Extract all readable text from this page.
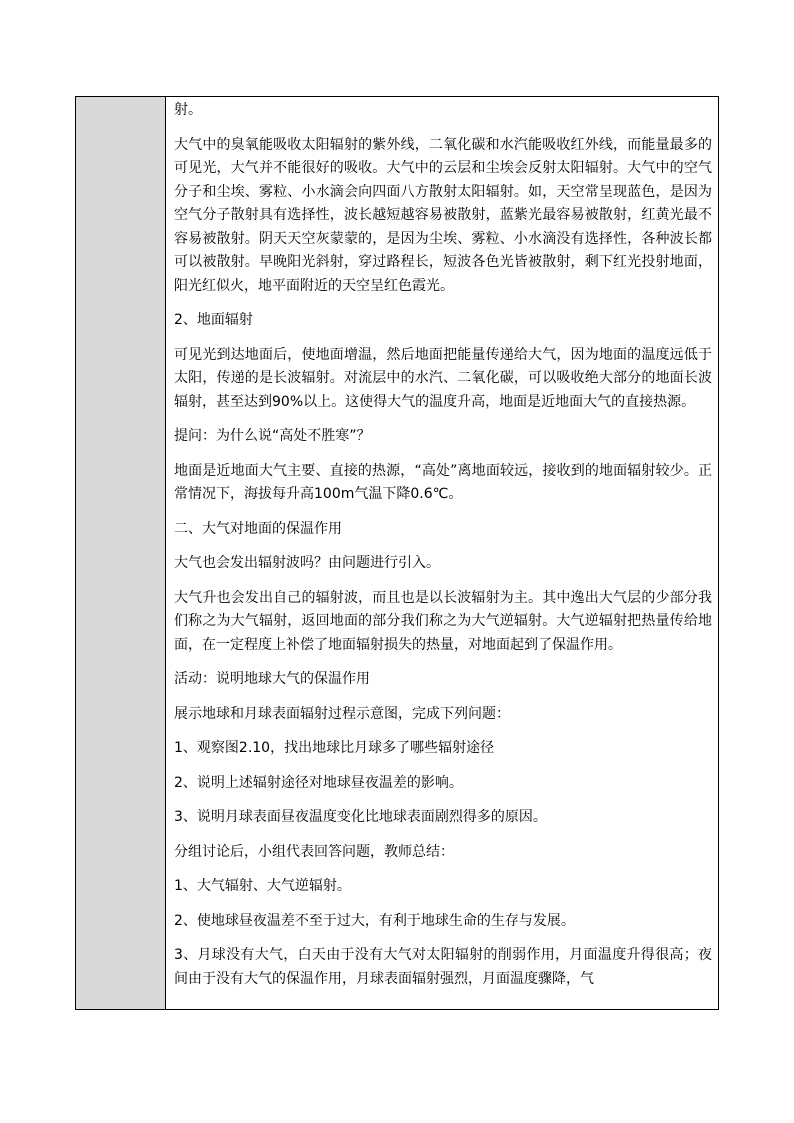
射。

大气中的臭氧能吸收太阳辐射的紫外线，二氧化碳和水汽能吸收红外线，而能量最多的可见光，大气并不能很好的吸收。大气中的云层和尘埃会反射太阳辐射。大气中的空气分子和尘埃、雾粒、小水滴会向四面八方散射太阳辐射。如，天空常呈现蓝色，是因为空气分子散射具有选择性，波长越短越容易被散射，蓝紫光最容易被散射，红黄光最不容易被散射。阴天天空灰蒙蒙的，是因为尘埃、雾粒、小水滴没有选择性，各种波长都可以被散射。早晚阳光斜射，穿过路程长，短波各色光皆被散射，剩下红光投射地面，阳光红似火，地平面附近的天空呈红色霞光。

2、地面辐射

可见光到达地面后，使地面增温，然后地面把能量传递给大气，因为地面的温度远低于太阳，传递的是长波辐射。对流层中的水汽、二氧化碳，可以吸收绝大部分的地面长波辐射，甚至达到90%以上。这使得大气的温度升高，地面是近地面大气的直接热源。

提问：为什么说“高处不胜寒”？

地面是近地面大气主要、直接的热源，“高处”离地面较远，接收到的地面辐射较少。正常情况下，海拔每升高100m气温下降0.6℃。

二、大气对地面的保温作用

大气也会发出辐射波吗？由问题进行引入。

大气升也会发出自己的辐射波，而且也是以长波辐射为主。其中逸出大气层的少部分我们称之为大气辐射，返回地面的部分我们称之为大气逆辐射。大气逆辐射把热量传给地面，在一定程度上补偿了地面辐射损失的热量，对地面起到了保温作用。

活动：说明地球大气的保温作用

展示地球和月球表面辐射过程示意图，完成下列问题：

1、观察图2.10，找出地球比月球多了哪些辐射途径

2、说明上述辐射途径对地球昼夜温差的影响。

3、说明月球表面昼夜温度变化比地球表面剧烈得多的原因。

分组讨论后，小组代表回答问题，教师总结：

1、大气辐射、大气逆辐射。

2、使地球昼夜温差不至于过大，有利于地球生命的生存与发展。

3、月球没有大气，白天由于没有大气对太阳辐射的削弱作用，月面温度升得很高；夜间由于没有大气的保温作用，月球表面辐射强烈，月面温度骤降，气
